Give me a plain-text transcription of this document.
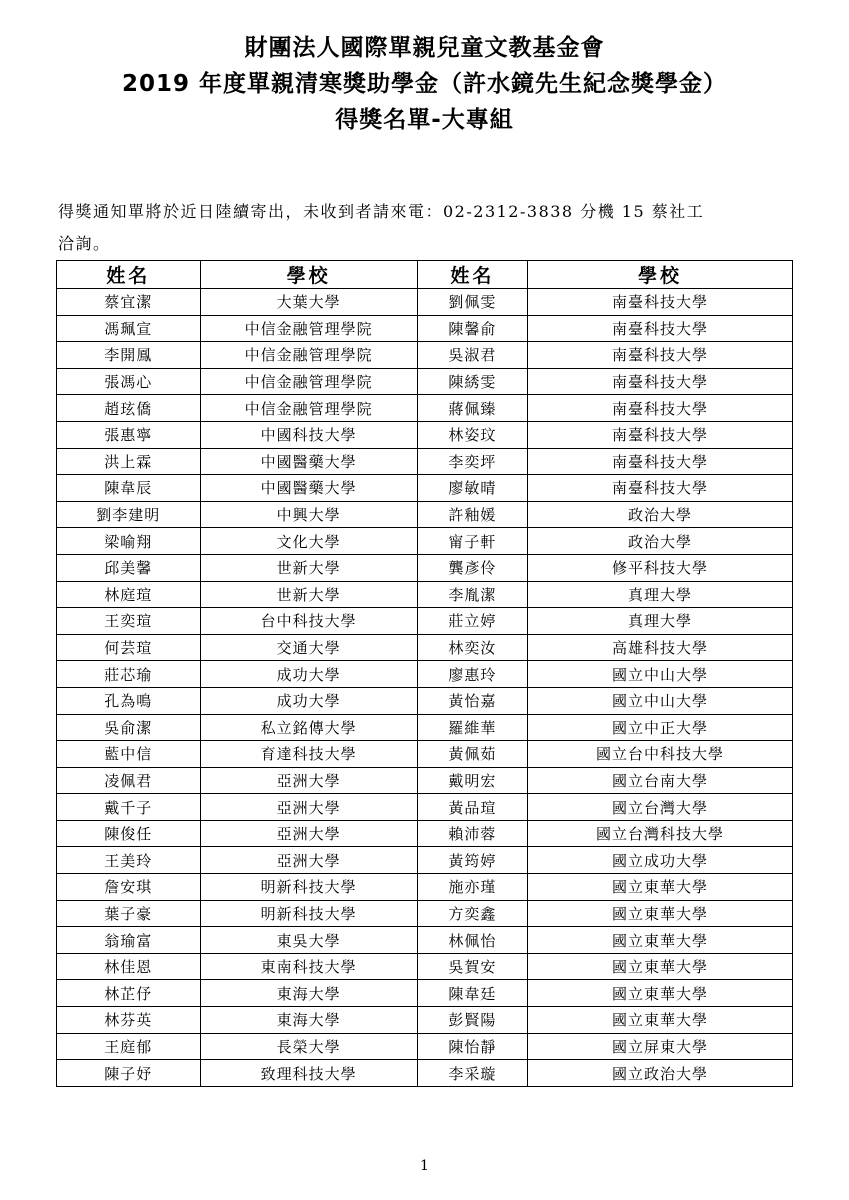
財團法人國際單親兒童文教基金會
2019 年度單親清寒獎助學金（許水鏡先生紀念獎學金）
得獎名單-大專組

得獎通知單將於近日陸續寄出，未收到者請來電：02-2312-3838 分機 15 蔡社工

洽詢。

姓名	學校	姓名	學校
蔡宜潔	大葉大學	劉佩雯	南臺科技大學
馮珮宣	中信金融管理學院	陳馨俞	南臺科技大學
李開鳳	中信金融管理學院	吳淑君	南臺科技大學
張馮心	中信金融管理學院	陳綉雯	南臺科技大學
趙玹僑	中信金融管理學院	蔣佩臻	南臺科技大學
張惠寧	中國科技大學	林姿玟	南臺科技大學
洪上霖	中國醫藥大學	李奕坪	南臺科技大學
陳韋辰	中國醫藥大學	廖敏晴	南臺科技大學
劉李建明	中興大學	許釉媛	政治大學
梁喻翔	文化大學	甯子軒	政治大學
邱美馨	世新大學	龔彥伶	修平科技大學
林庭瑄	世新大學	李胤潔	真理大學
王奕瑄	台中科技大學	莊立婷	真理大學
何芸瑄	交通大學	林奕汝	高雄科技大學
莊芯瑜	成功大學	廖惠玲	國立中山大學
孔為鳴	成功大學	黃怡嘉	國立中山大學
吳俞潔	私立銘傳大學	羅維華	國立中正大學
藍中信	育達科技大學	黃佩茹	國立台中科技大學
凌佩君	亞洲大學	戴明宏	國立台南大學
戴千子	亞洲大學	黃品瑄	國立台灣大學
陳俊任	亞洲大學	賴沛蓉	國立台灣科技大學
王美玲	亞洲大學	黃筠婷	國立成功大學
詹安琪	明新科技大學	施亦瑾	國立東華大學
葉子豪	明新科技大學	方奕鑫	國立東華大學
翁瑜富	東吳大學	林佩怡	國立東華大學
林佳恩	東南科技大學	吳賀安	國立東華大學
林芷伃	東海大學	陳韋廷	國立東華大學
林芬英	東海大學	彭賢陽	國立東華大學
王庭郁	長榮大學	陳怡靜	國立屏東大學
陳子妤	致理科技大學	李采璇	國立政治大學
1
